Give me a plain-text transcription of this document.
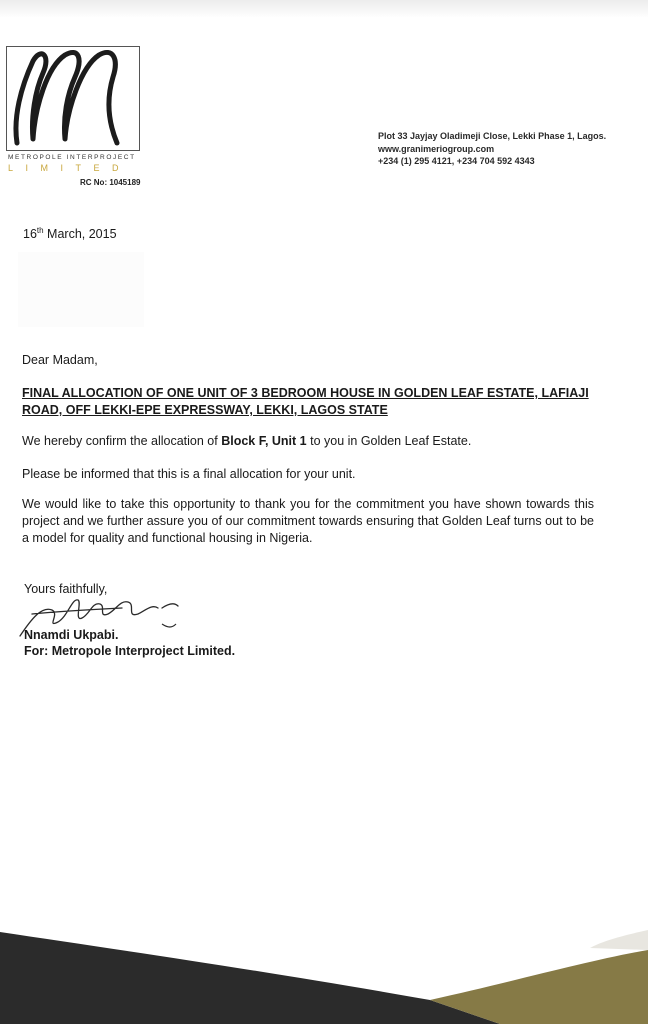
METROPOLE INTERPROJECT
LIMITED
RC No: 1045189
Plot 33 Jayjay Oladimeji Close, Lekki Phase 1, Lagos.
www.granimeriogroup.com
+234 (1) 295 4121, +234 704 592 4343
16th March, 2015
Dear Madam,
FINAL ALLOCATION OF ONE UNIT OF 3 BEDROOM HOUSE IN GOLDEN LEAF ESTATE, LAFIAJI ROAD, OFF LEKKI-EPE EXPRESSWAY, LEKKI, LAGOS STATE
We hereby confirm the allocation of Block F, Unit 1 to you in Golden Leaf Estate.
Please be informed that this is a final allocation for your unit.
We would like to take this opportunity to thank you for the commitment you have shown towards this project and we further assure you of our commitment towards ensuring that Golden Leaf turns out to be a model for quality and functional housing in Nigeria.
Yours faithfully,
Nnamdi Ukpabi.
For: Metropole Interproject Limited.
